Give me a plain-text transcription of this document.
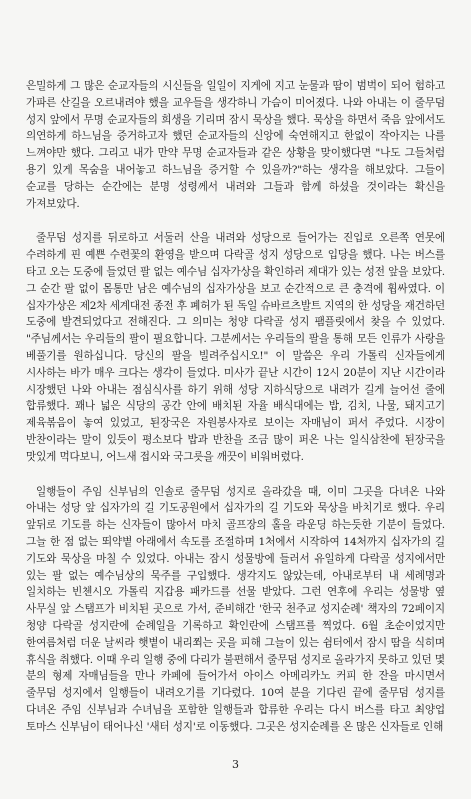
은밀하게 그 많은 순교자들의 시신들을 일일이 지게에 지고 눈물과 땀이 범벅이 되어 험하고 가파른 산길을 오르내려야 했을 교우들을 생각하니 가슴이 미어졌다. 나와 아내는 이 줄무덤 성지 앞에서 무명 순교자들의 희생을 기리며 잠시 묵상을 했다. 묵상을 하면서 죽음 앞에서도 의연하게 하느님을 증거하고자 했던 순교자들의 신앙에 숙연해지고 한없이 작아지는 나를 느껴야만 했다. 그리고 내가 만약 무명 순교자들과 같은 상황을 맞이했다면 "나도 그들처럼 용기 있게 목숨을 내어놓고 하느님을 증거할 수 있을까?"하는 생각을 해보았다. 그들이 순교를 당하는 순간에는 분명 성령께서 내려와 그들과 함께 하셨을 것이라는 확신을 가져보았다.

줄무덤 성지를 뒤로하고 서둘러 산을 내려와 성당으로 들어가는 진입로 오른쪽 연못에 수려하게 핀 예쁜 수련꽃의 환영을 받으며 다락골 성지 성당으로 입당을 했다. 나는 버스를 타고 오는 도중에 들었던 팔 없는 예수님 십자가상을 확인하러 제대가 있는 성전 앞을 보았다. 그 순간 팔 없이 몸통만 남은 예수님의 십자가상을 보고 순간적으로 큰 충격에 휩싸였다. 이 십자가상은 제2차 세계대전 종전 후 폐허가 된 독일 슈바르츠발트 지역의 한 성당을 재건하던 도중에 발견되었다고 전해진다. 그 의미는 청양 다락골 성지 팸플릿에서 찾을 수 있었다. "주님께서는 우리들의 팔이 필요합니다. 그분께서는 우리들의 팔을 통해 모든 인류가 사랑을 베풀기를 원하십니다. 당신의 팔을 빌려주십시오!" 이 말씀은 우리 가톨릭 신자들에게 시사하는 바가 매우 크다는 생각이 들었다. 미사가 끝난 시간이 12시 20분이 지난 시간이라 시장했던 나와 아내는 점심식사를 하기 위해 성당 지하식당으로 내려가 길게 늘어선 줄에 합류했다. 꽤나 넓은 식당의 공간 안에 배치된 자율 배식대에는 밥, 김치, 나물, 돼지고기 제육볶음이 놓여 있었고, 된장국은 자원봉사자로 보이는 자매님이 퍼서 주었다. 시장이 반찬이라는 말이 있듯이 평소보다 밥과 반찬을 조금 많이 퍼온 나는 일식삼찬에 된장국을 맛있게 먹다보니, 어느새 접시와 국그릇을 깨끗이 비워버렸다.

일행들이 주임 신부님의 인솔로 줄무덤 성지로 올라갔을 때, 이미 그곳을 다녀온 나와 아내는 성당 앞 십자가의 길 기도공원에서 십자가의 길 기도와 묵상을 바치기로 했다. 우리 앞뒤로 기도를 하는 신자들이 많아서 마치 골프장의 홀을 라운딩 하는듯한 기분이 들었다. 그늘 한 점 없는 뙤약볕 아래에서 속도를 조절하며 1처에서 시작하여 14처까지 십자가의 길 기도와 묵상을 마칠 수 있었다. 아내는 잠시 성물방에 들러서 유일하게 다락골 성지에서만 있는 팔 없는 예수님상의 묵주를 구입했다. 생각지도 않았는데, 아내로부터 내 세례명과 일치하는 빈첸시오 가톨릭 지갑용 패카드를 선물 받았다. 그런 연후에 우리는 성물방 옆 사무실 앞 스탬프가 비치된 곳으로 가서, 준비해간 '한국 천주교 성지순례' 책자의 72페이지 청양 다락골 성지란에 순례일을 기록하고 확인란에 스탬프를 찍었다. 6월 초순이었지만 한여름처럼 더운 날씨라 햇볕이 내리쬐는 곳을 피해 그늘이 있는 쉼터에서 잠시 땀을 식히며 휴식을 취했다. 이때 우리 일행 중에 다리가 불편해서 줄무덤 성지로 올라가지 못하고 있던 몇 분의 형제 자매님들을 만나 카페에 들어가서 아이스 아메리카노 커피 한 잔을 마시면서 줄무덤 성지에서 일행들이 내려오기를 기다렸다. 10여 분을 기다린 끝에 줄무덤 성지를 다녀온 주임 신부님과 수녀님을 포함한 일행들과 합류한 우리는 다시 버스를 타고 최양업 토마스 신부님이 태어나신 '새터 성지'로 이동했다. 그곳은 성지순례를 온 많은 신자들로 인해

3
